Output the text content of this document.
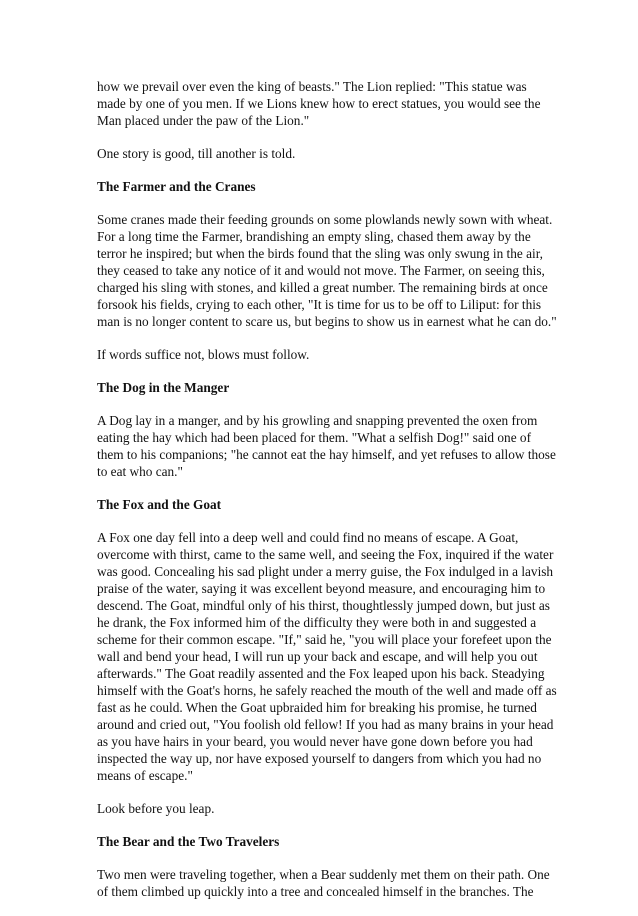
how we prevail over even the king of beasts." The Lion replied: "This statue was
made by one of you men. If we Lions knew how to erect statues, you would see the
Man placed under the paw of the Lion."
One story is good, till another is told.
The Farmer and the Cranes
Some cranes made their feeding grounds on some plowlands newly sown with wheat.
For a long time the Farmer, brandishing an empty sling, chased them away by the
terror he inspired; but when the birds found that the sling was only swung in the air,
they ceased to take any notice of it and would not move. The Farmer, on seeing this,
charged his sling with stones, and killed a great number. The remaining birds at once
forsook his fields, crying to each other, "It is time for us to be off to Liliput: for this
man is no longer content to scare us, but begins to show us in earnest what he can do."
If words suffice not, blows must follow.
The Dog in the Manger
A Dog lay in a manger, and by his growling and snapping prevented the oxen from
eating the hay which had been placed for them. "What a selfish Dog!" said one of
them to his companions; "he cannot eat the hay himself, and yet refuses to allow those
to eat who can."
The Fox and the Goat
A Fox one day fell into a deep well and could find no means of escape. A Goat,
overcome with thirst, came to the same well, and seeing the Fox, inquired if the water
was good. Concealing his sad plight under a merry guise, the Fox indulged in a lavish
praise of the water, saying it was excellent beyond measure, and encouraging him to
descend. The Goat, mindful only of his thirst, thoughtlessly jumped down, but just as
he drank, the Fox informed him of the difficulty they were both in and suggested a
scheme for their common escape. "If," said he, "you will place your forefeet upon the
wall and bend your head, I will run up your back and escape, and will help you out
afterwards." The Goat readily assented and the Fox leaped upon his back. Steadying
himself with the Goat's horns, he safely reached the mouth of the well and made off as
fast as he could. When the Goat upbraided him for breaking his promise, he turned
around and cried out, "You foolish old fellow! If you had as many brains in your head
as you have hairs in your beard, you would never have gone down before you had
inspected the way up, nor have exposed yourself to dangers from which you had no
means of escape."
Look before you leap.
The Bear and the Two Travelers
Two men were traveling together, when a Bear suddenly met them on their path. One
of them climbed up quickly into a tree and concealed himself in the branches. The
